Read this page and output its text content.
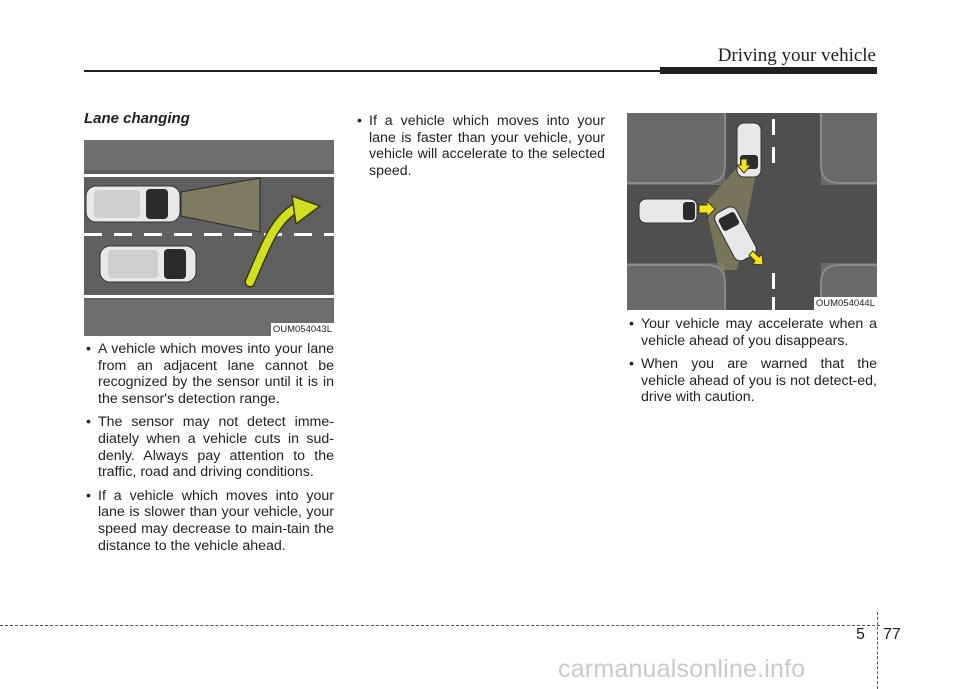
Driving your vehicle
Lane changing
OUM054043L
• A vehicle which moves into your lane from an adjacent lane cannot be recognized by the sensor until it is in the sensor's detection range.
• The sensor may not detect imme-diately when a vehicle cuts in sud-denly. Always pay attention to the traffic, road and driving conditions.
• If a vehicle which moves into your lane is slower than your vehicle, your speed may decrease to main-tain the distance to the vehicle ahead.
• If a vehicle which moves into your lane is faster than your vehicle, your vehicle will accelerate to the selected speed.
OUM054044L
• Your vehicle may accelerate when a vehicle ahead of you disappears.
• When you are warned that the vehicle ahead of you is not detect-ed, drive with caution.
5 77
carmanualsonline.info
